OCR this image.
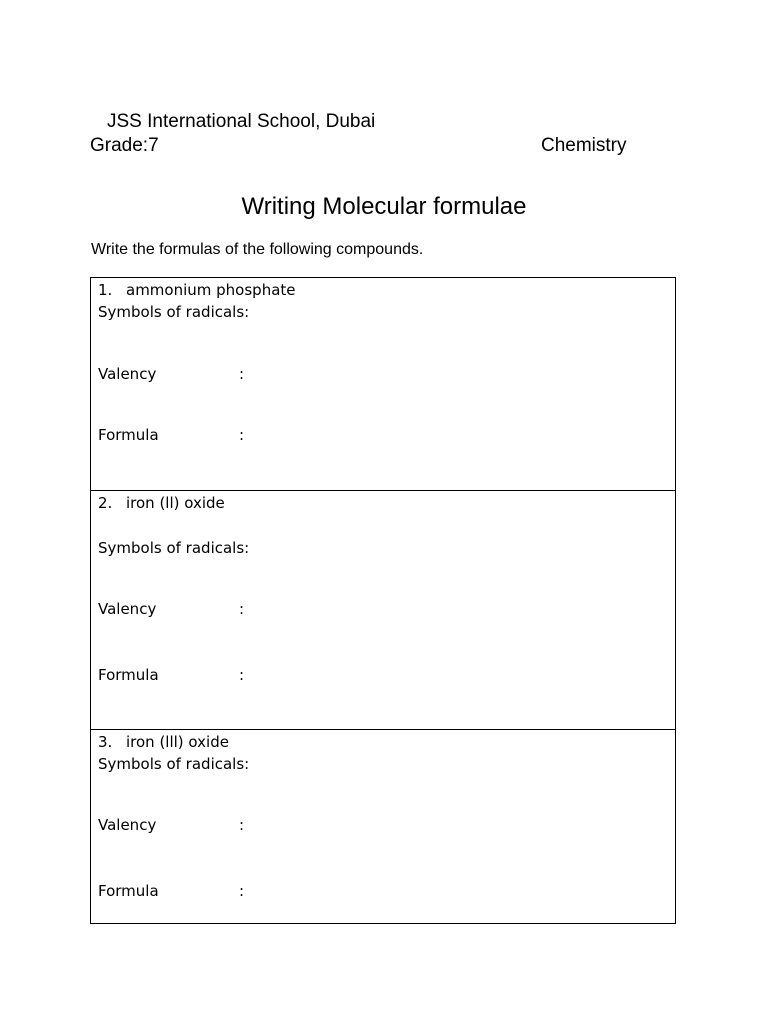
JSS International School, Dubai
Grade:7	Chemistry
Writing Molecular formulae
Write the formulas of the following compounds.
1. ammonium phosphate
Symbols of radicals:
Valency	:
Formula	:
2. iron (ll) oxide
Symbols of radicals:
Valency	:
Formula	:
3. iron (lll) oxide
Symbols of radicals:
Valency	:
Formula	:
